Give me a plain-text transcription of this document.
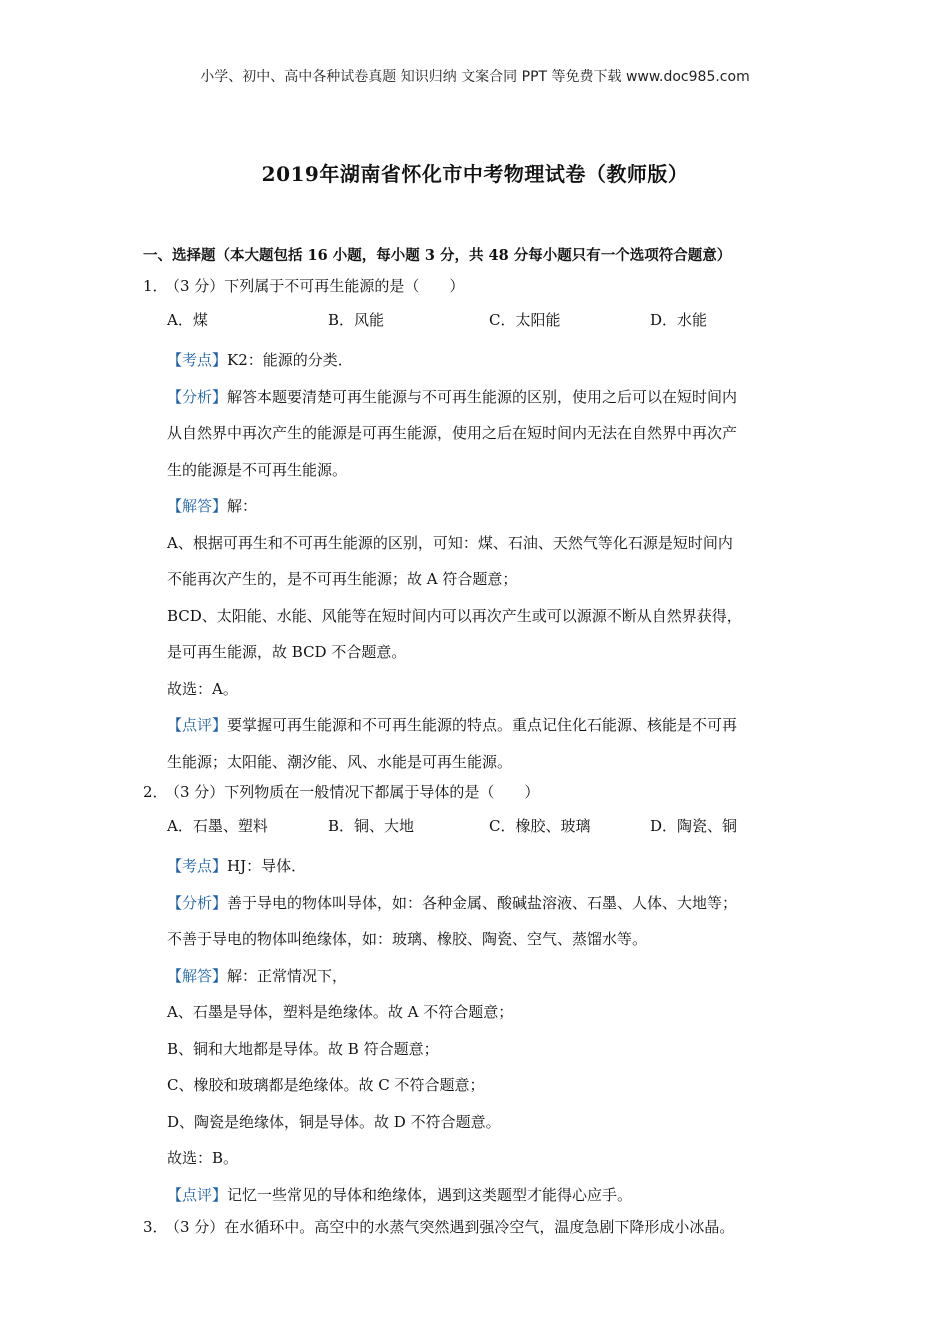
小学、初中、高中各种试卷真题 知识归纳 文案合同 PPT 等免费下载 www.doc985.com
2019年湖南省怀化市中考物理试卷（教师版）
一、选择题（本大题包括 16 小题，每小题 3 分，共 48 分每小题只有一个选项符合题意）
1．（3 分）下列属于不可再生能源的是（　　）
A．煤	B．风能	C．太阳能	D．水能
【考点】K2：能源的分类．
【分析】解答本题要清楚可再生能源与不可再生能源的区别，使用之后可以在短时间内
从自然界中再次产生的能源是可再生能源，使用之后在短时间内无法在自然界中再次产
生的能源是不可再生能源。
【解答】解：
A、根据可再生和不可再生能源的区别，可知：煤、石油、天然气等化石源是短时间内
不能再次产生的，是不可再生能源；故 A 符合题意；
BCD、太阳能、水能、风能等在短时间内可以再次产生或可以源源不断从自然界获得，
是可再生能源，故 BCD 不合题意。
故选：A。
【点评】要掌握可再生能源和不可再生能源的特点。重点记住化石能源、核能是不可再
生能源；太阳能、潮汐能、风、水能是可再生能源。
2．（3 分）下列物质在一般情况下都属于导体的是（　　）
A．石墨、塑料	B．铜、大地	C．橡胶、玻璃	D．陶瓷、铜
【考点】HJ：导体．
【分析】善于导电的物体叫导体，如：各种金属、酸碱盐溶液、石墨、人体、大地等；
不善于导电的物体叫绝缘体，如：玻璃、橡胶、陶瓷、空气、蒸馏水等。
【解答】解：正常情况下，
A、石墨是导体，塑料是绝缘体。故 A 不符合题意；
B、铜和大地都是导体。故 B 符合题意；
C、橡胶和玻璃都是绝缘体。故 C 不符合题意；
D、陶瓷是绝缘体，铜是导体。故 D 不符合题意。
故选：B。
【点评】记忆一些常见的导体和绝缘体，遇到这类题型才能得心应手。
3．（3 分）在水循环中。高空中的水蒸气突然遇到强冷空气，温度急剧下降形成小冰晶。
